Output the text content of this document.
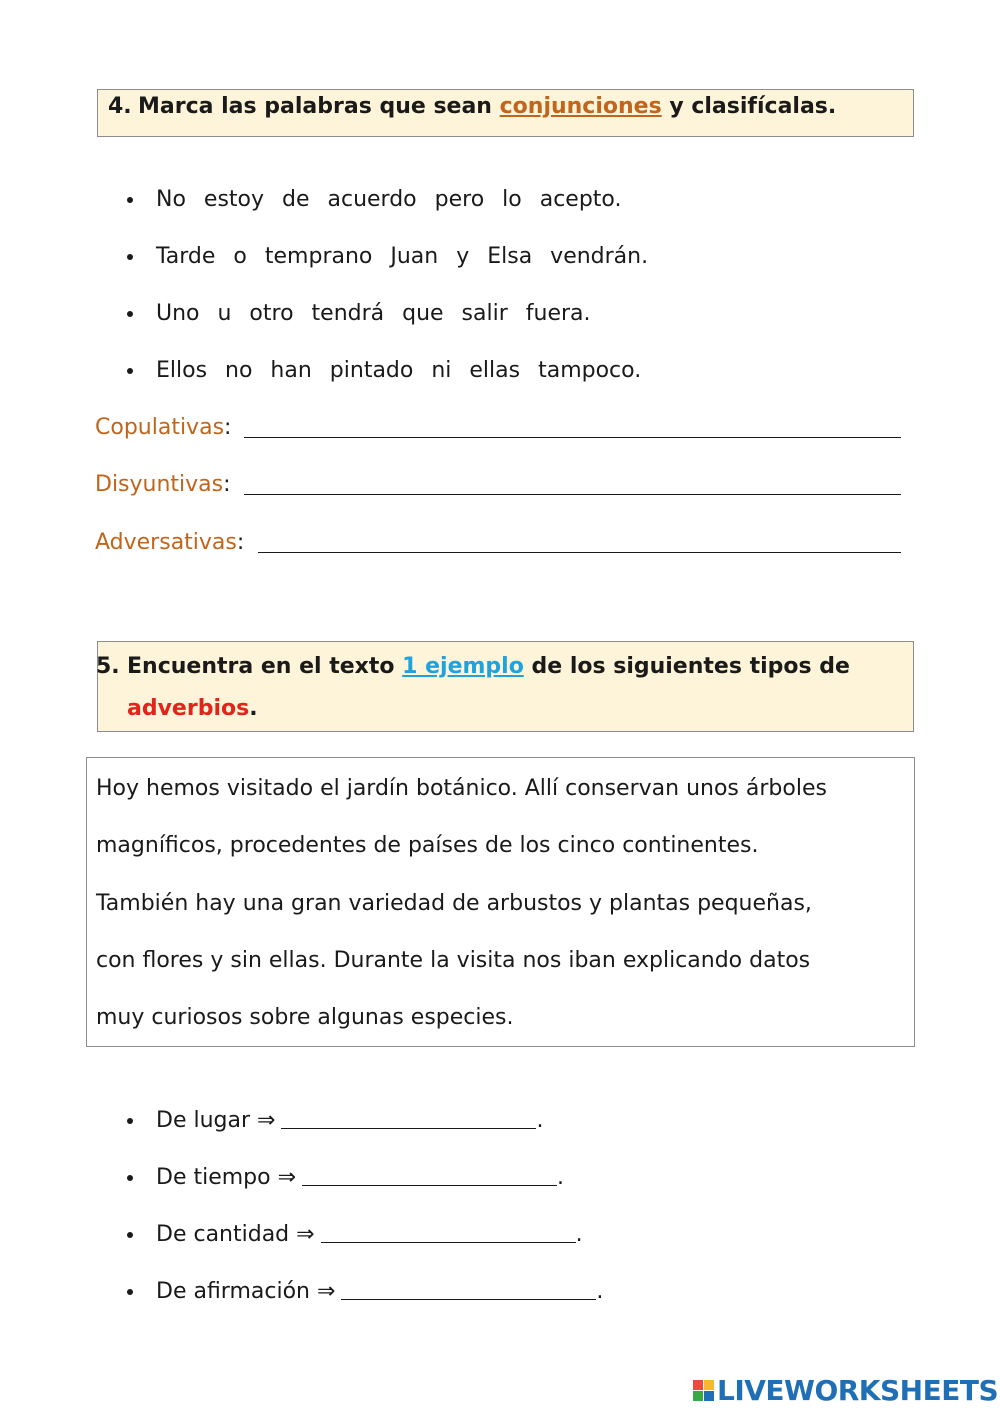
4. Marca las palabras que sean conjunciones y clasifícalas.
No estoy de acuerdo pero lo acepto.
Tarde o temprano Juan y Elsa vendrán.
Uno u otro tendrá que salir fuera.
Ellos no han pintado ni ellas tampoco.
Copulativas:
Disyuntivas:
Adversativas:
5. Encuentra en el texto 1 ejemplo de los siguientes tipos de
adverbios.

Hoy hemos visitado el jardín botánico. Allí conservan unos árboles

magníficos, procedentes de países de los cinco continentes.

También hay una gran variedad de arbustos y plantas pequeñas,

con flores y sin ellas. Durante la visita nos iban explicando datos

muy curiosos sobre algunas especies.

De lugar ⇒	.
De tiempo ⇒	.
De cantidad ⇒	.
De afirmación ⇒	.
LIVEWORKSHEETS
